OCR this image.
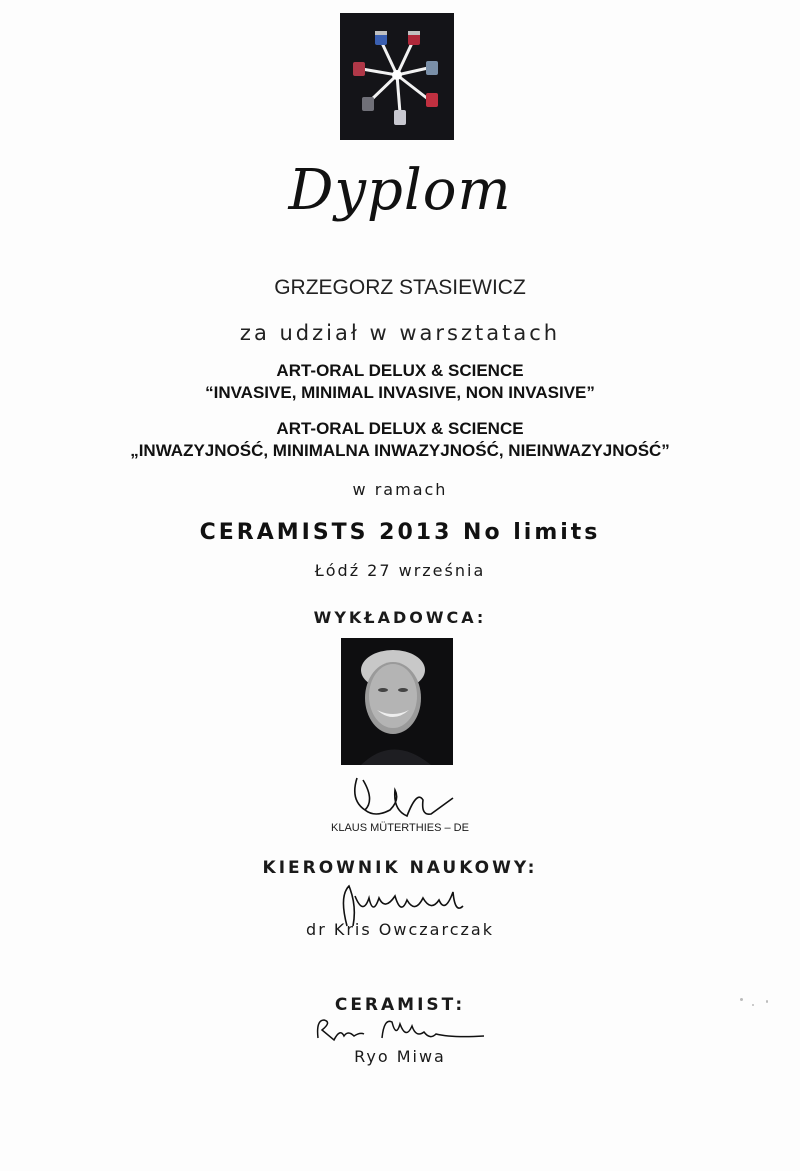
Dyplom
GRZEGORZ STASIEWICZ
za udział w warsztatach
ART-ORAL DELUX & SCIENCE
“INVASIVE, MINIMAL INVASIVE, NON INVASIVE”
ART-ORAL DELUX & SCIENCE
„INWAZYJNOŚĆ, MINIMALNA INWAZYJNOŚĆ, NIEINWAZYJNOŚĆ”
w ramach
CERAMISTS 2013 No limits
Łódź 27 września
WYKŁADOWCA:
KLAUS MÜTERTHIES – DE
KIEROWNIK NAUKOWY:
dr Kris Owczarczak
CERAMIST:
Ryo Miwa
